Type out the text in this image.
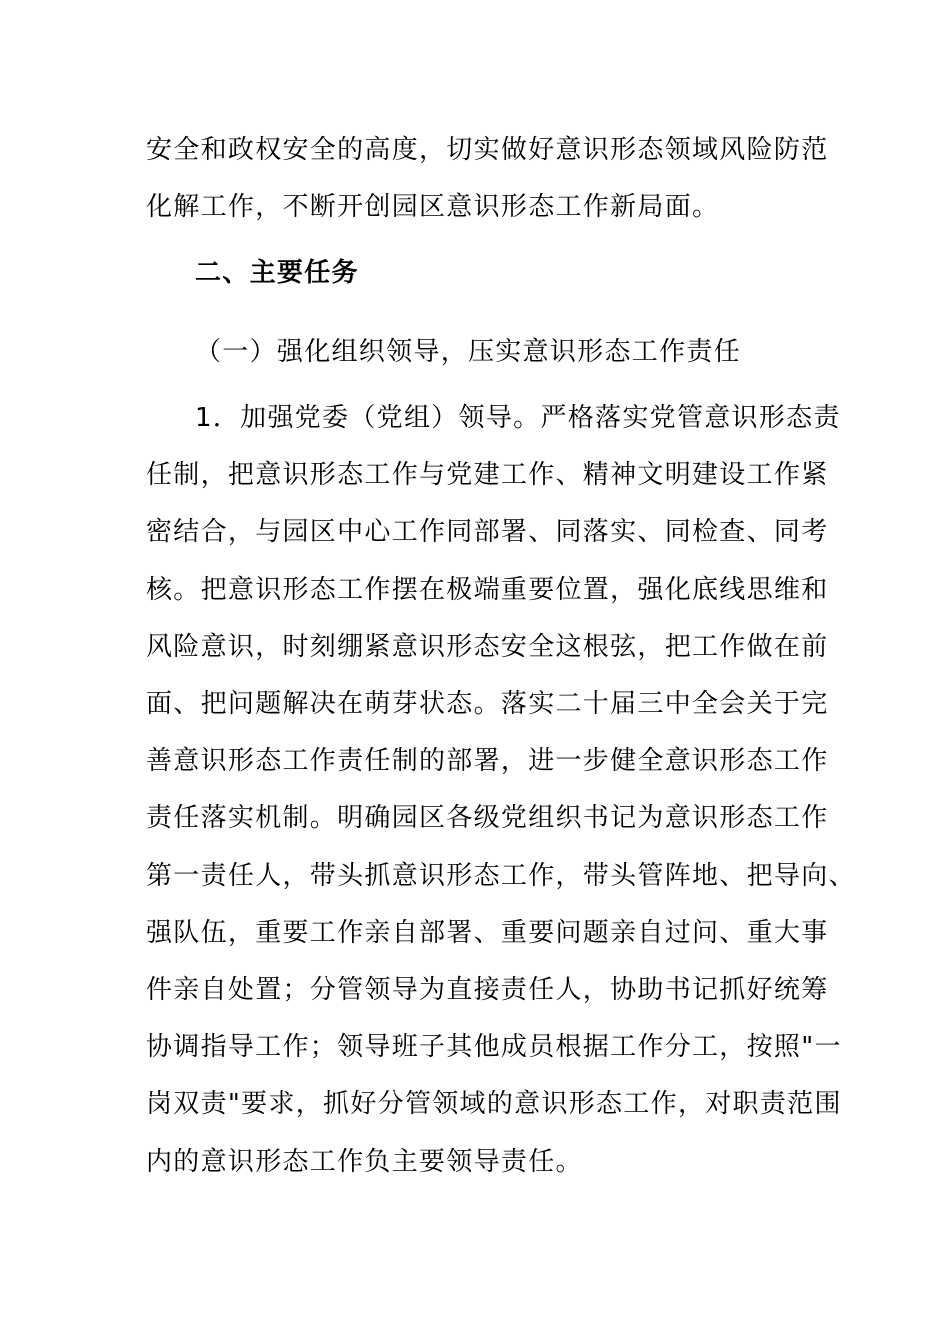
安全和政权安全的高度，切实做好意识形态领域风险防范
化解工作，不断开创园区意识形态工作新局面。
二、主要任务
（一）强化组织领导，压实意识形态工作责任
1．加强党委（党组）领导。严格落实党管意识形态责
任制，把意识形态工作与党建工作、精神文明建设工作紧
密结合，与园区中心工作同部署、同落实、同检查、同考
核。把意识形态工作摆在极端重要位置，强化底线思维和
风险意识，时刻绷紧意识形态安全这根弦，把工作做在前
面、把问题解决在萌芽状态。落实二十届三中全会关于完
善意识形态工作责任制的部署，进一步健全意识形态工作
责任落实机制。明确园区各级党组织书记为意识形态工作
第一责任人，带头抓意识形态工作，带头管阵地、把导向、
强队伍，重要工作亲自部署、重要问题亲自过问、重大事
件亲自处置；分管领导为直接责任人，协助书记抓好统筹
协调指导工作；领导班子其他成员根据工作分工，按照"一
岗双责"要求，抓好分管领域的意识形态工作，对职责范围
内的意识形态工作负主要领导责任。
